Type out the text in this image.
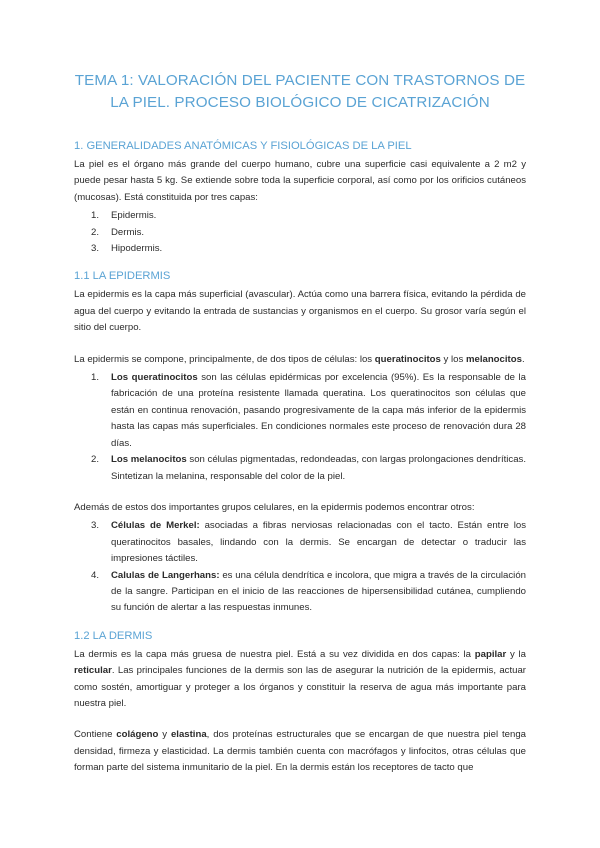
TEMA 1: VALORACIÓN DEL PACIENTE CON TRASTORNOS DE LA PIEL. PROCESO BIOLÓGICO DE CICATRIZACIÓN
1. GENERALIDADES ANATÓMICAS Y FISIOLÓGICAS DE LA PIEL

La piel es el órgano más grande del cuerpo humano, cubre una superficie casi equivalente a 2 m2 y puede pesar hasta 5 kg. Se extiende sobre toda la superficie corporal, así como por los orificios cutáneos (mucosas). Está constituida por tres capas:

1. Epidermis.
2. Dermis.
3. Hipodermis.
1.1 LA EPIDERMIS

La epidermis es la capa más superficial (avascular). Actúa como una barrera física, evitando la pérdida de agua del cuerpo y evitando la entrada de sustancias y organismos en el cuerpo. Su grosor varía según el sitio del cuerpo.

La epidermis se compone, principalmente, de dos tipos de células: los queratinocitos y los melanocitos.

1. Los queratinocitos son las células epidérmicas por excelencia (95%). Es la responsable de la fabricación de una proteína resistente llamada queratina. Los queratinocitos son células que están en continua renovación, pasando progresivamente de la capa más inferior de la epidermis hasta las capas más superficiales. En condiciones normales este proceso de renovación dura 28 días.
2. Los melanocitos son células pigmentadas, redondeadas, con largas prolongaciones dendríticas. Sintetizan la melanina, responsable del color de la piel.

Además de estos dos importantes grupos celulares, en la epidermis podemos encontrar otros:

3. Células de Merkel: asociadas a fibras nerviosas relacionadas con el tacto. Están entre los queratinocitos basales, lindando con la dermis. Se encargan de detectar o traducir las impresiones táctiles.
4. Calulas de Langerhans: es una célula dendrítica e incolora, que migra a través de la circulación de la sangre. Participan en el inicio de las reacciones de hipersensibilidad cutánea, cumpliendo su función de alertar a las respuestas inmunes.
1.2 LA DERMIS

La dermis es la capa más gruesa de nuestra piel. Está a su vez dividida en dos capas: la papilar y la reticular. Las principales funciones de la dermis son las de asegurar la nutrición de la epidermis, actuar como sostén, amortiguar y proteger a los órganos y constituir la reserva de agua más importante para nuestra piel.

Contiene colágeno y elastina, dos proteínas estructurales que se encargan de que nuestra piel tenga densidad, firmeza y elasticidad. La dermis también cuenta con macrófagos y linfocitos, otras células que forman parte del sistema inmunitario de la piel. En la dermis están los receptores de tacto que
